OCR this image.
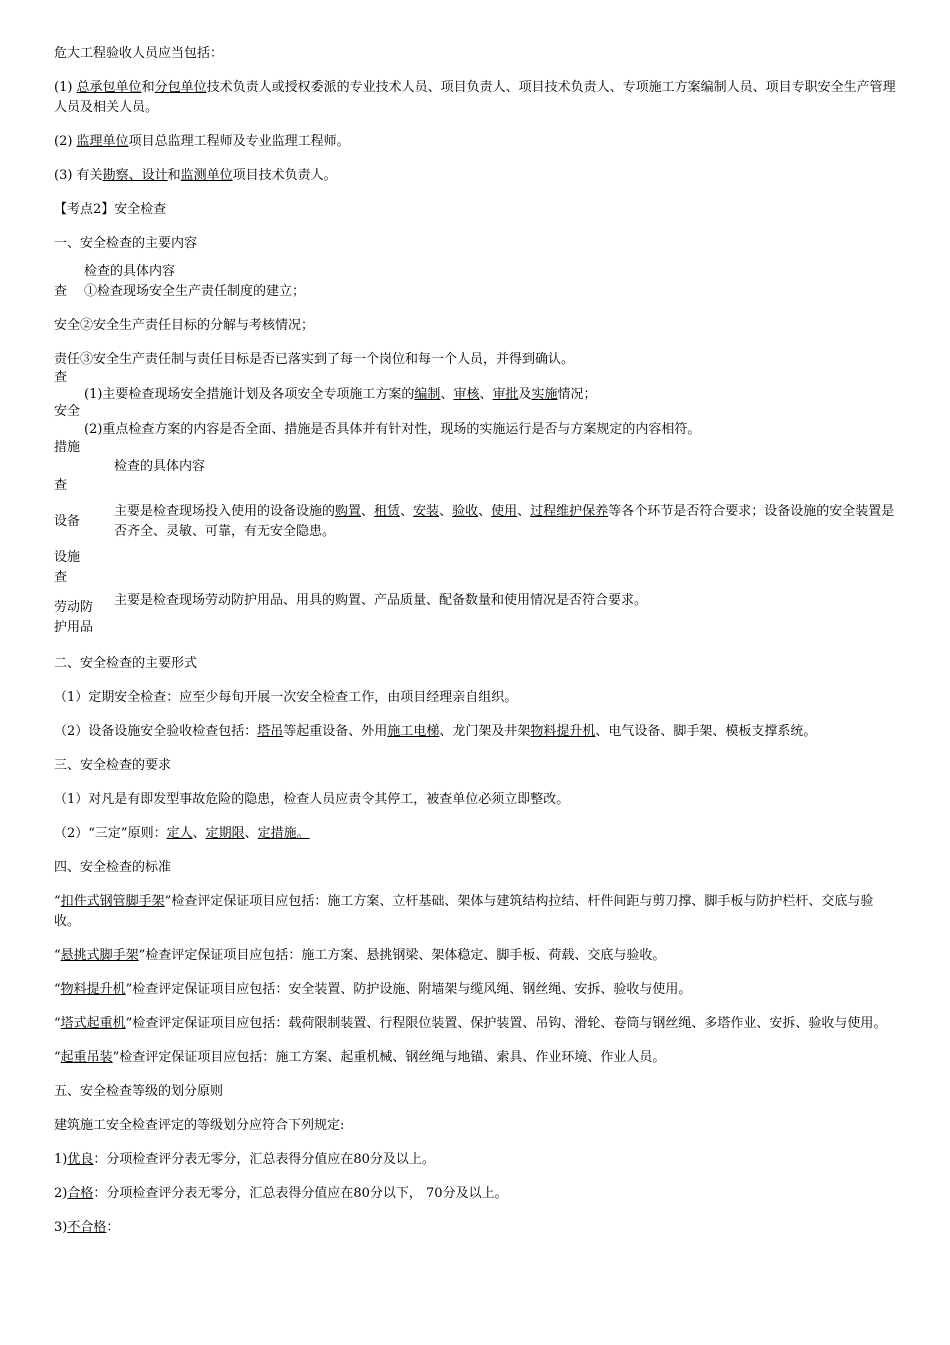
危大工程验收人员应当包括：

(1) 总承包单位和分包单位技术负责人或授权委派的专业技术人员、项目负责人、项目技术负责人、专项施工方案编制人员、项目专职安全生产管理人员及相关人员。

(2) 监理单位项目总监理工程师及专业监理工程师。

(3) 有关勘察、设计和监测单位项目技术负责人。

【考点2】安全检查

一、安全检查的主要内容

检查的具体内容
查 ①检查现场安全生产责任制度的建立；
安全 ②安全生产责任目标的分解与考核情况；
责任 ③安全生产责任制与责任目标是否已落实到了每一个岗位和每一个人员，并得到确认。
查
(1)主要检查现场安全措施计划及各项安全专项施工方案的编制、审核、审批及实施情况；
安全
(2)重点检查方案的内容是否全面、措施是否具体并有针对性，现场的实施运行是否与方案规定的内容相符。
措施
检查的具体内容
查
设备
主要是检查现场投入使用的设备设施的购置、租赁、安装、验收、使用、过程维护保养等各个环节是否符合要求；设备设施的安全装置是否齐全、灵敏、可靠，有无安全隐患。
设施
查
劳动防 主要是检查现场劳动防护用品、用具的购置、产品质量、配备数量和使用情况是否符合要求。
护用品

二、安全检查的主要形式

（1）定期安全检查：应至少每旬开展一次安全检查工作，由项目经理亲自组织。

（2）设备设施安全验收检查包括：塔吊等起重设备、外用施工电梯、龙门架及井架物料提升机、电气设备、脚手架、模板支撑系统。

三、安全检查的要求

（1）对凡是有即发型事故危险的隐患，检查人员应责令其停工，被查单位必须立即整改。

（2）“三定”原则：定人、定期限、定措施。

四、安全检查的标准

“扣件式钢管脚手架”检查评定保证项目应包括：施工方案、立杆基础、架体与建筑结构拉结、杆件间距与剪刀撑、脚手板与防护栏杆、交底与验收。

“悬挑式脚手架”检查评定保证项目应包括：施工方案、悬挑钢梁、架体稳定、脚手板、荷载、交底与验收。

“物料提升机”检查评定保证项目应包括：安全装置、防护设施、附墙架与缆风绳、钢丝绳、安拆、验收与使用。

“塔式起重机”检查评定保证项目应包括：载荷限制装置、行程限位装置、保护装置、吊钩、滑轮、卷筒与钢丝绳、多塔作业、安拆、验收与使用。

“起重吊装”检查评定保证项目应包括：施工方案、起重机械、钢丝绳与地锚、索具、作业环境、作业人员。

五、安全检查等级的划分原则

建筑施工安全检查评定的等级划分应符合下列规定:

1)优良：分项检查评分表无零分，汇总表得分值应在80分及以上。

2)合格：分项检查评分表无零分，汇总表得分值应在80分以下， 70分及以上。

3)不合格：
